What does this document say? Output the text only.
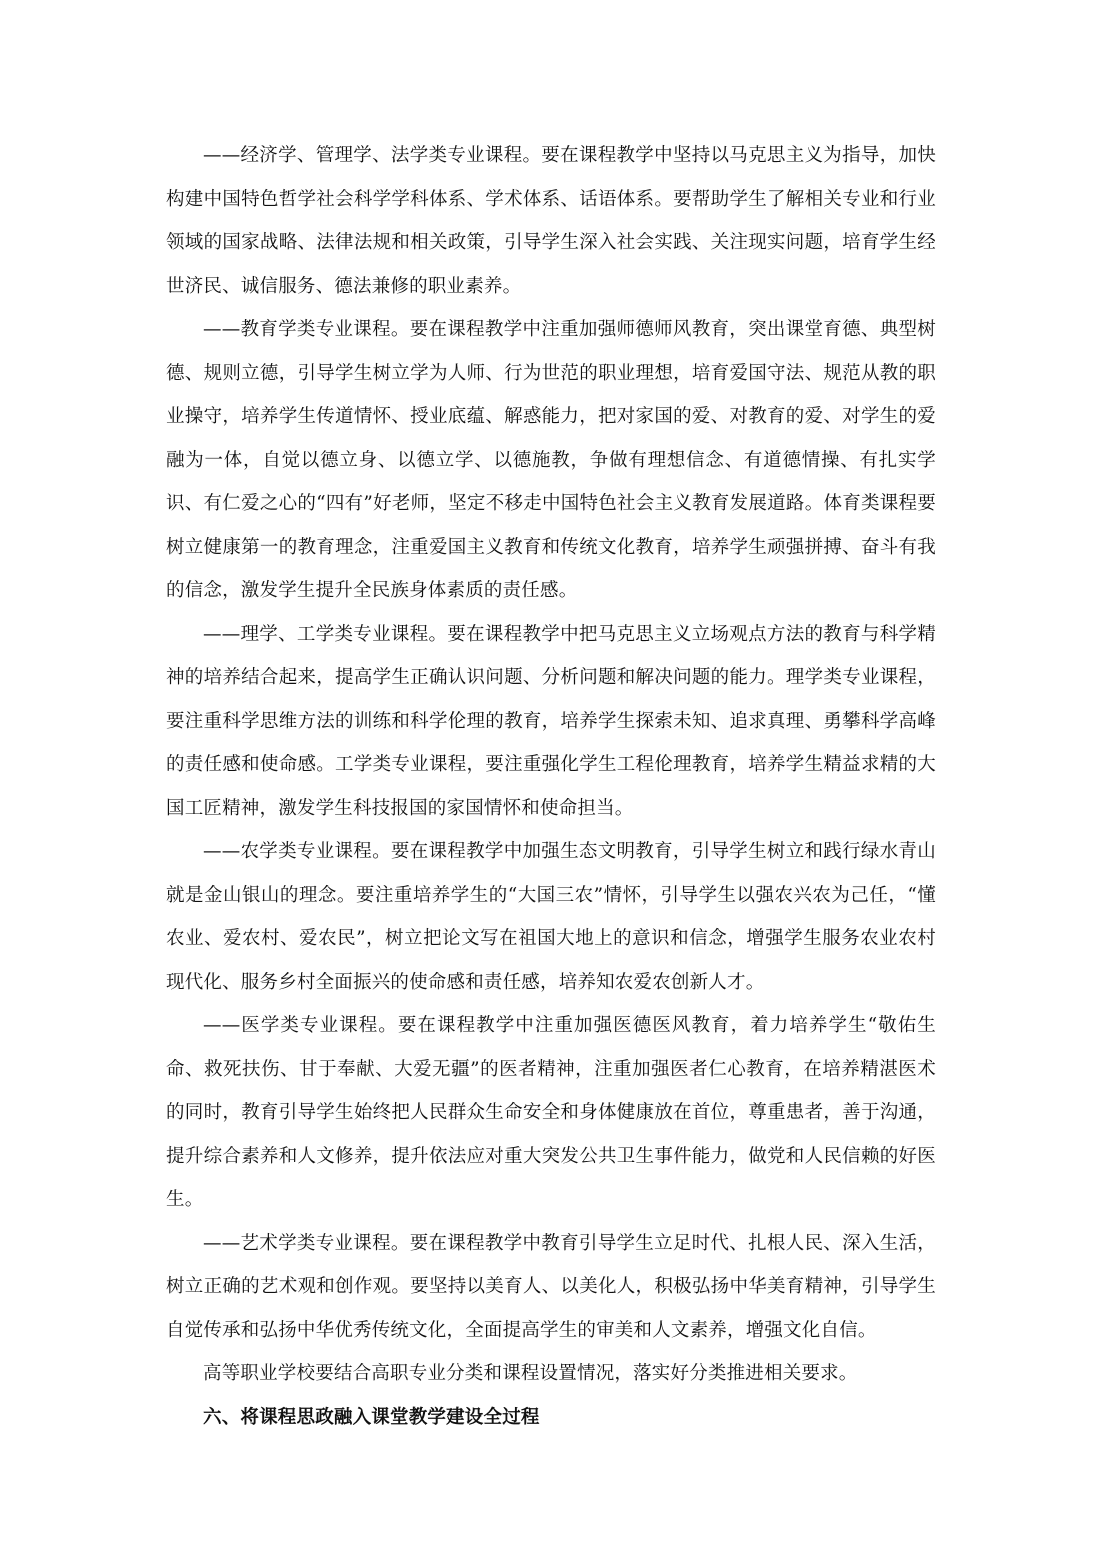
——经济学、管理学、法学类专业课程。要在课程教学中坚持以马克思主义为指导，加快构建中国特色哲学社会科学学科体系、学术体系、话语体系。要帮助学生了解相关专业和行业领域的国家战略、法律法规和相关政策，引导学生深入社会实践、关注现实问题，培育学生经世济民、诚信服务、德法兼修的职业素养。

——教育学类专业课程。要在课程教学中注重加强师德师风教育，突出课堂育德、典型树德、规则立德，引导学生树立学为人师、行为世范的职业理想，培育爱国守法、规范从教的职业操守，培养学生传道情怀、授业底蕴、解惑能力，把对家国的爱、对教育的爱、对学生的爱融为一体，自觉以德立身、以德立学、以德施教，争做有理想信念、有道德情操、有扎实学识、有仁爱之心的“四有”好老师，坚定不移走中国特色社会主义教育发展道路。体育类课程要树立健康第一的教育理念，注重爱国主义教育和传统文化教育，培养学生顽强拼搏、奋斗有我的信念，激发学生提升全民族身体素质的责任感。

——理学、工学类专业课程。要在课程教学中把马克思主义立场观点方法的教育与科学精神的培养结合起来，提高学生正确认识问题、分析问题和解决问题的能力。理学类专业课程，要注重科学思维方法的训练和科学伦理的教育，培养学生探索未知、追求真理、勇攀科学高峰的责任感和使命感。工学类专业课程，要注重强化学生工程伦理教育，培养学生精益求精的大国工匠精神，激发学生科技报国的家国情怀和使命担当。

——农学类专业课程。要在课程教学中加强生态文明教育，引导学生树立和践行绿水青山就是金山银山的理念。要注重培养学生的“大国三农”情怀，引导学生以强农兴农为己任，“懂农业、爱农村、爱农民”，树立把论文写在祖国大地上的意识和信念，增强学生服务农业农村现代化、服务乡村全面振兴的使命感和责任感，培养知农爱农创新人才。

——医学类专业课程。要在课程教学中注重加强医德医风教育，着力培养学生“敬佑生命、救死扶伤、甘于奉献、大爱无疆”的医者精神，注重加强医者仁心教育，在培养精湛医术的同时，教育引导学生始终把人民群众生命安全和身体健康放在首位，尊重患者，善于沟通，提升综合素养和人文修养，提升依法应对重大突发公共卫生事件能力，做党和人民信赖的好医生。

——艺术学类专业课程。要在课程教学中教育引导学生立足时代、扎根人民、深入生活，树立正确的艺术观和创作观。要坚持以美育人、以美化人，积极弘扬中华美育精神，引导学生自觉传承和弘扬中华优秀传统文化，全面提高学生的审美和人文素养，增强文化自信。

高等职业学校要结合高职专业分类和课程设置情况，落实好分类推进相关要求。

六、将课程思政融入课堂教学建设全过程
